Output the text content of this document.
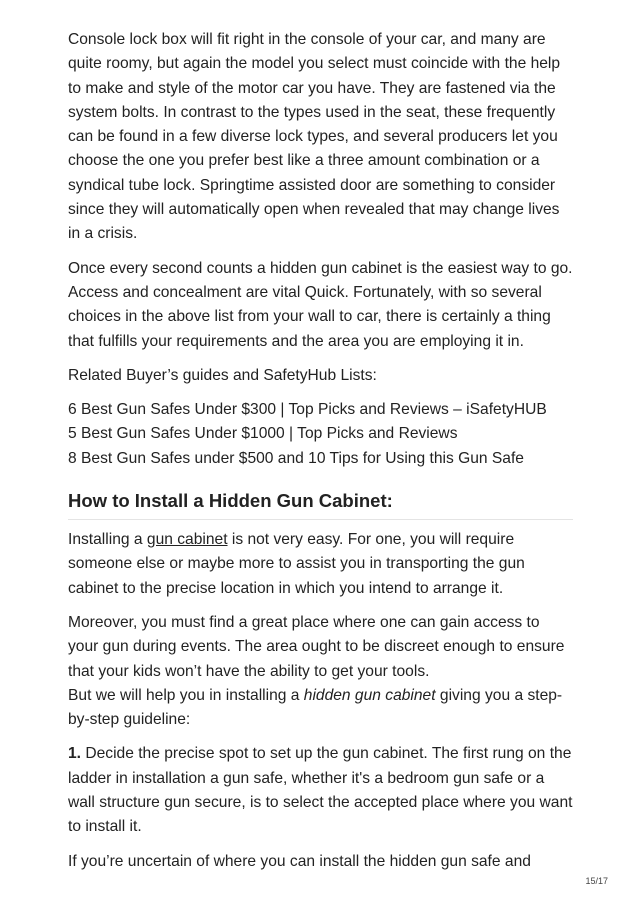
Console lock box will fit right in the console of your car, and many are quite roomy, but again the model you select must coincide with the help to make and style of the motor car you have. They are fastened via the system bolts. In contrast to the types used in the seat, these frequently can be found in a few diverse lock types, and several producers let you choose the one you prefer best like a three amount combination or a syndical tube lock. Springtime assisted door are something to consider since they will automatically open when revealed that may change lives in a crisis.

Once every second counts a hidden gun cabinet is the easiest way to go. Access and concealment are vital Quick. Fortunately, with so several choices in the above list from your wall to car, there is certainly a thing that fulfills your requirements and the area you are employing it in.

Related Buyer’s guides and SafetyHub Lists:

6 Best Gun Safes Under $300 | Top Picks and Reviews – iSafetyHUB
5 Best Gun Safes Under $1000 | Top Picks and Reviews
8 Best Gun Safes under $500 and 10 Tips for Using this Gun Safe
How to Install a Hidden Gun Cabinet:

Installing a gun cabinet is not very easy. For one, you will require someone else or maybe more to assist you in transporting the gun cabinet to the precise location in which you intend to arrange it.

Moreover, you must find a great place where one can gain access to your gun during events. The area ought to be discreet enough to ensure that your kids won’t have the ability to get your tools.
But we will help you in installing a hidden gun cabinet giving you a step-by-step guideline:

1. Decide the precise spot to set up the gun cabinet. The first rung on the ladder in installation a gun safe, whether it's a bedroom gun safe or a wall structure gun secure, is to select the accepted place where you want to install it.

If you’re uncertain of where you can install the hidden gun safe and

15/17
